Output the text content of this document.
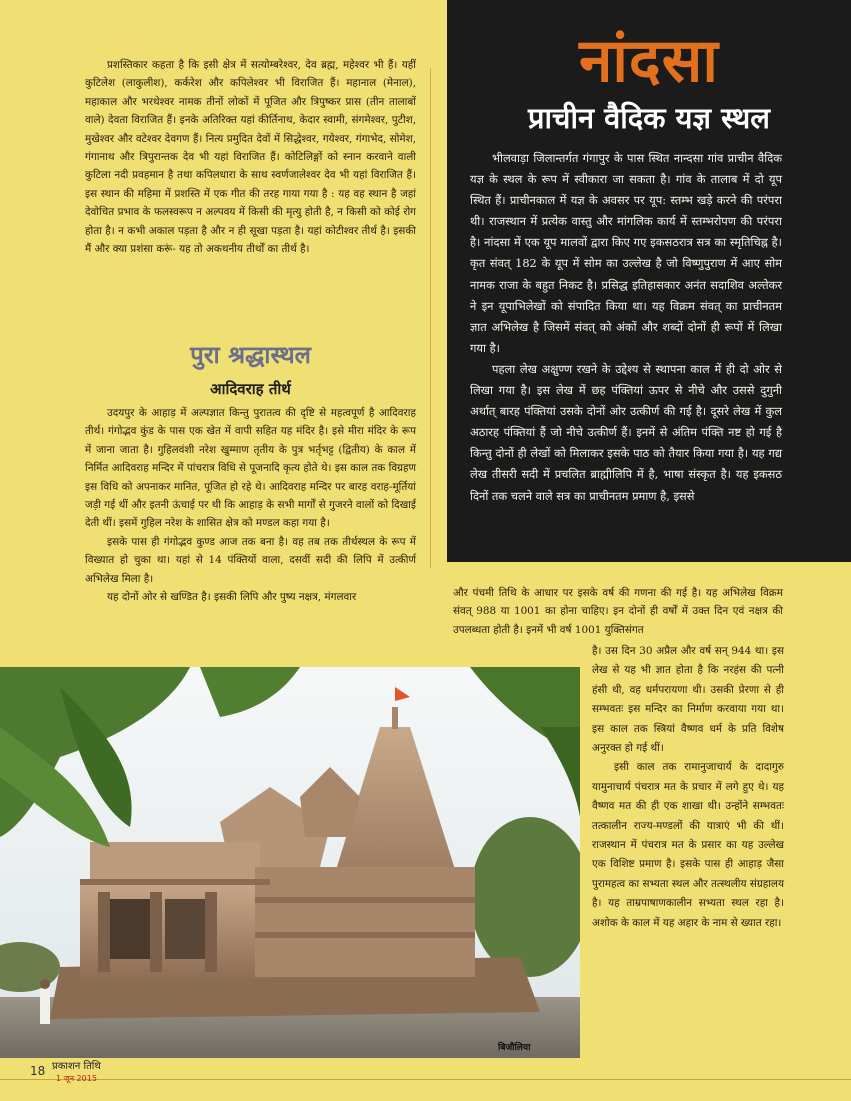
नांदसा
प्राचीन वैदिक यज्ञ स्थल

भीलवाड़ा जिलान्तर्गत गंगापुर के पास स्थित नान्दसा गांव प्राचीन वैदिक यज्ञ के स्थल के रूप में स्वीकारा जा सकता है। गांव के तालाब में दो यूप स्थित हैं। प्राचीनकाल में यज्ञ के अवसर पर यूप: स्तम्भ खड़े करने की परंपरा थी। राजस्थान में प्रत्येक वास्तु और मांगलिक कार्य में स्तम्भरोपण की परंपरा है। नांदसा में एक यूप मालवों द्वारा किए गए इकसठरात्र सत्र का स्मृतिचिह्न है। कृत संवत् 182 के यूप में सोम का उल्लेख है जो विष्णुपुराण में आए सोम नामक राजा के बहुत निकट है। प्रसिद्ध इतिहासकार अनंत सदाशिव अल्तेकर ने इन यूपाभिलेखों को संपादित किया था। यह विक्रम संवत् का प्राचीनतम ज्ञात अभिलेख है जिसमें संवत् को अंकों और शब्दों दोनों ही रूपों में लिखा गया है।

पहला लेख अक्षुण्ण रखने के उद्देश्य से स्थापना काल में ही दो ओर से लिखा गया है। इस लेख में छह पंक्तियां ऊपर से नीचे और उससे दुगुनी अर्थात् बारह पंक्तियां उसके दोनों ओर उत्कीर्ण की गई है। दूसरे लेख में कुल अठारह पंक्तियां हैं जो नीचे उत्कीर्ण हैं। इनमें से अंतिम पंक्ति नष्ट हो गई है किन्तु दोनों ही लेखों को मिलाकर इसके पाठ को तैयार किया गया है। यह गद्य लेख तीसरी सदी में प्रचलित ब्राह्मीलिपि में है, भाषा संस्कृत है। यह इकसठ दिनों तक चलने वाले सत्र का प्राचीनतम प्रमाण है, इससे

प्रशस्तिकार कहता है कि इसी क्षेत्र में सत्योम्बरेश्वर, देव ब्रह्म, महेश्वर भी हैं। यहीं कुटिलेश (लाकुलीश), कर्करेश और कपिलेश्वर भी विराजित हैं। महानाल (मेनाल), महाकाल और भरथेश्वर नामक तीनों लोकों में पूजित और त्रिपुष्कर प्रास (तीन तालाबों वाले) देवता विराजित हैं। इनके अतिरिक्त यहां कीर्तिनाथ, केदार स्वामी, संगमेश्वर, पुटीश, मुखेश्वर और वटेश्वर देवगण हैं। नित्य प्रमुदित देवों में सिद्धेश्वर, गयेश्वर, गंगाभेद, सोमेश, गंगानाथ और त्रिपुरान्तक देव भी यहां विराजित हैं। कोटिलिङ्गों को स्नान करवाने वाली कुटिला नदी प्रवहमान है तथा कपिलधारा के साथ स्वर्णजालेश्वर देव भी यहां विराजित हैं। इस स्थान की महिमा में प्रशस्ति में एक गीत की तरह गाया गया है : यह वह स्थान है जहां देवोचित प्रभाव के फलस्वरूप न अल्पवय में किसी की मृत्यु होती है, न किसी को कोई रोग होता है। न कभी अकाल पड़ता है और न ही सूखा पड़ता है। यहां कोटीश्वर तीर्थ है। इसकी मैं और क्या प्रशंसा करूं- यह तो अकथनीय तीर्थों का तीर्थ है।

पुरा श्रद्धास्थल
आदिवराह तीर्थ

उदयपुर के आहाड़ में अल्पज्ञात किन्तु पुरातत्व की दृष्टि से महत्वपूर्ण है आदिवराह तीर्थ। गंगोद्भव कुंड के पास एक खेत में वापी सहित यह मंदिर है। इसे मीरा मंदिर के रूप में जाना जाता है। गुहिलवंशी नरेश खुम्माण तृतीय के पुत्र भर्तृभट्ट (द्वितीय) के काल में निर्मित आदिवराह मन्दिर में पांचरात्र विधि से पूजनादि कृत्य होते थे। इस काल तक विग्रहण इस विधि को अपनाकर मानित, पूजित हो रहे थे। आदिवराह मन्दिर पर बारह वराह-मूर्तियां जड़ी गई थीं और इतनी ऊंचाई पर थी कि आहाड़ के सभी मार्गों से गुजरने वालों को दिखाई देती थीं। इसमें गुहिल नरेश के शासित क्षेत्र को मण्डल कहा गया है।

इसके पास ही गंगोद्भव कुण्ड आज तक बना है। वह तब तक तीर्थस्थल के रूप में विख्यात हो चुका था। यहां से 14 पंक्तियों वाला, दसवीं सदी की लिपि में उत्कीर्ण अभिलेख मिला है।

यह दोनों ओर से खण्डित है। इसकी लिपि और पुष्य नक्षत्र, मंगलवार	और पंचमी तिथि के आधार पर इसके वर्ष की गणना की गई है। यह अभिलेख विक्रम संवत् 988 या 1001 का होना चाहिए। इन दोनों ही वर्षों में उक्त दिन एवं नक्षत्र की उपलब्धता होती है। इनमें भी वर्ष 1001 युक्तिसंगत

है। उस दिन 30 अप्रैल और वर्ष सन् 944 था। इस लेख से यह भी ज्ञात होता है कि नरहंस की पत्नी हंसी थी, वह धर्मपरायणा थी। उसकी प्रेरणा से ही सम्भवतः इस मन्दिर का निर्माण करवाया गया था। इस काल तक स्त्रियां वैष्णव धर्म के प्रति विशेष अनुरक्त हो गई थीं।

इसी काल तक रामानुजाचार्य के दादागुरु यामुनाचार्य पंचरात्र मत के प्रचार में लगे हुए थे। यह वैष्णव मत की ही एक शाखा थी। उन्होंने सम्भवतः तत्कालीन राज्य-मण्डलों की यात्राएं भी की थीं। राजस्थान में पंचरात्र मत के प्रसार का यह उल्लेख एक विशिष्ट प्रमाण है। इसके पास ही आहाड़ जैसा पुरामहत्व का सभ्यता स्थल और तत्स्थलीय संग्रहालय है। यह ताम्रपाषाणकालीन सभ्यता स्थल रहा है। अशोक के काल में यह अहार के नाम से ख्यात रहा।

बिजौलिया
18 प्रकाशन तिथि
1 जून 2015
